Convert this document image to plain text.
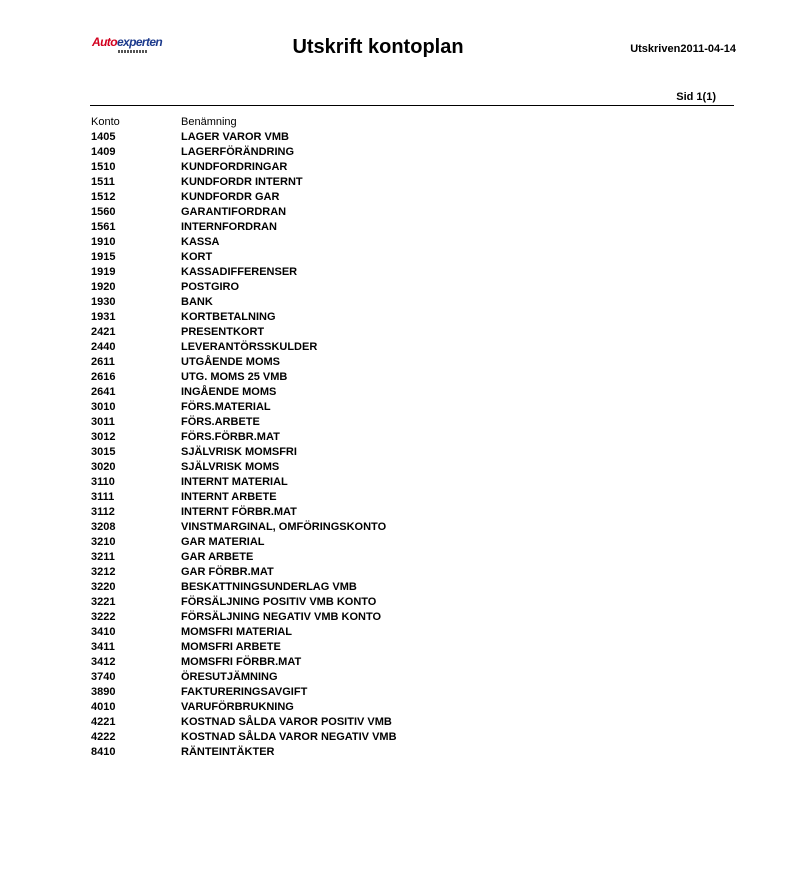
Autoexperten	Utskrift kontoplan	Utskriven2011-04-14
Sid 1(1)
Konto	Benämning
1405	LAGER VAROR VMB
1409	LAGERFÖRÄNDRING
1510	KUNDFORDRINGAR
1511	KUNDFORDR INTERNT
1512	KUNDFORDR GAR
1560	GARANTIFORDRAN
1561	INTERNFORDRAN
1910	KASSA
1915	KORT
1919	KASSADIFFERENSER
1920	POSTGIRO
1930	BANK
1931	KORTBETALNING
2421	PRESENTKORT
2440	LEVERANTÖRSSKULDER
2611	UTGÅENDE MOMS
2616	UTG. MOMS 25 VMB
2641	INGÅENDE MOMS
3010	FÖRS.MATERIAL
3011	FÖRS.ARBETE
3012	FÖRS.FÖRBR.MAT
3015	SJÄLVRISK MOMSFRI
3020	SJÄLVRISK MOMS
3110	INTERNT MATERIAL
3111	INTERNT ARBETE
3112	INTERNT FÖRBR.MAT
3208	VINSTMARGINAL, OMFÖRINGSKONTO
3210	GAR MATERIAL
3211	GAR ARBETE
3212	GAR FÖRBR.MAT
3220	BESKATTNINGSUNDERLAG VMB
3221	FÖRSÄLJNING POSITIV VMB KONTO
3222	FÖRSÄLJNING NEGATIV VMB KONTO
3410	MOMSFRI MATERIAL
3411	MOMSFRI ARBETE
3412	MOMSFRI FÖRBR.MAT
3740	ÖRESUTJÄMNING
3890	FAKTURERINGSAVGIFT
4010	VARUFÖRBRUKNING
4221	KOSTNAD SÅLDA VAROR POSITIV VMB
4222	KOSTNAD SÅLDA VAROR NEGATIV VMB
8410	RÄNTEINTÄKTER
